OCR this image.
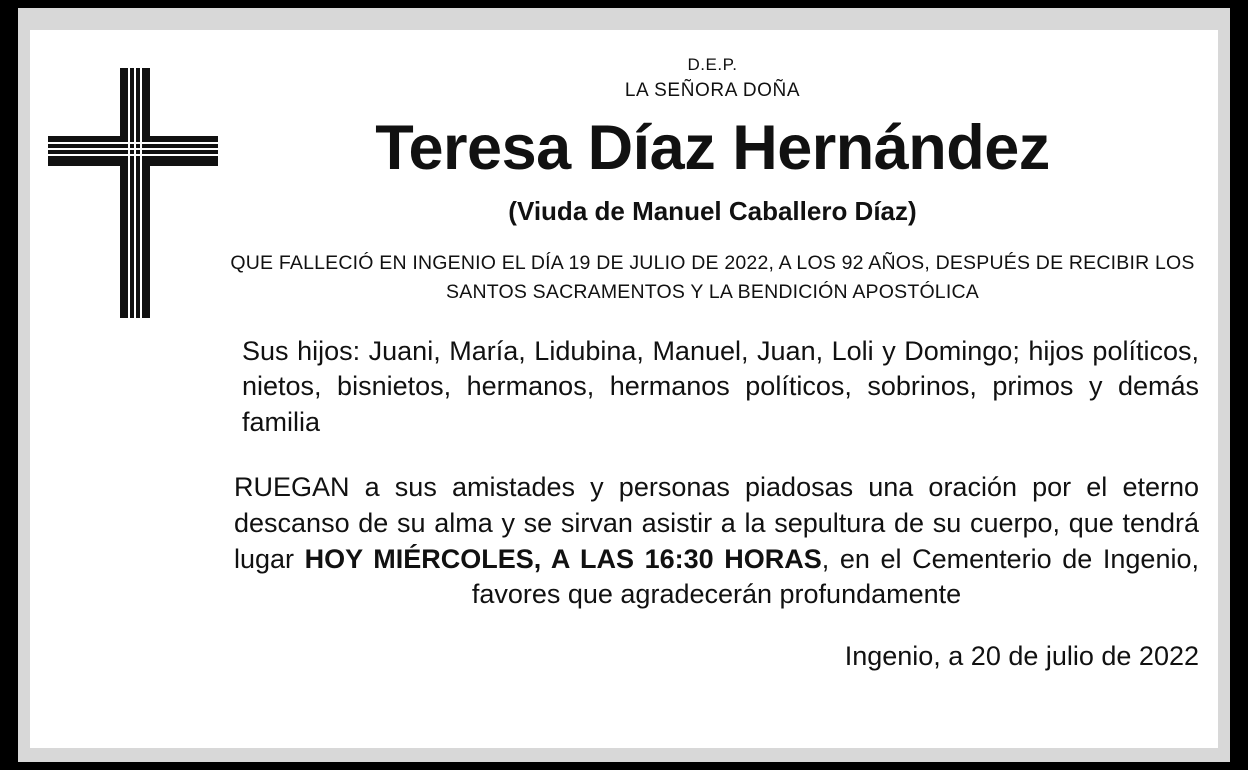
D.E.P.
LA SEÑORA DOÑA
Teresa Díaz Hernández
(Viuda de Manuel Caballero Díaz)
QUE FALLECIÓ EN INGENIO EL DÍA 19 DE JULIO DE 2022, A LOS 92 AÑOS, DESPUÉS DE RECIBIR LOS SANTOS SACRAMENTOS Y LA BENDICIÓN APOSTÓLICA
Sus hijos: Juani, María, Lidubina, Manuel, Juan, Loli y Domingo; hijos políticos, nietos, bisnietos, hermanos, hermanos políticos, sobrinos, primos y demás familia
RUEGAN a sus amistades y personas piadosas una oración por el eterno descanso de su alma y se sirvan asistir a la sepultura de su cuerpo, que tendrá lugar HOY MIÉRCOLES, A LAS 16:30 HORAS, en el Cementerio de Ingenio, favores que agradecerán profundamente
Ingenio, a 20 de julio de 2022
